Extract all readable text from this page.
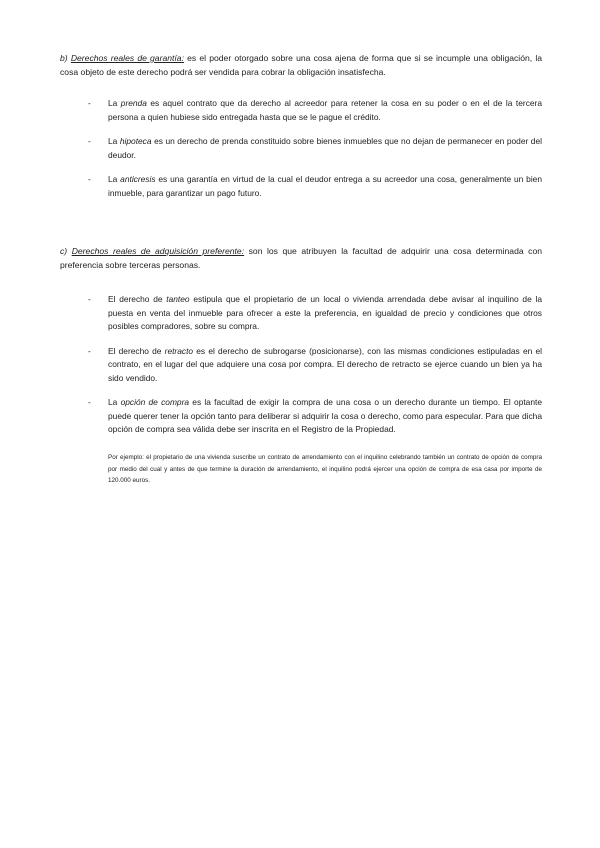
b) Derechos reales de garantía: es el poder otorgado sobre una cosa ajena de forma que si se incumple una obligación, la cosa objeto de este derecho podrá ser vendida para cobrar la obligación insatisfecha.

- La prenda es aquel contrato que da derecho al acreedor para retener la cosa en su poder o en el de la tercera persona a quien hubiese sido entregada hasta que se le pague el crédito.
- La hipoteca es un derecho de prenda constituido sobre bienes inmuebles que no dejan de permanecer en poder del deudor.
- La anticresis es una garantía en virtud de la cual el deudor entrega a su acreedor una cosa, generalmente un bien inmueble, para garantizar un pago futuro.

c) Derechos reales de adquisición preferente: son los que atribuyen la facultad de adquirir una cosa determinada con preferencia sobre terceras personas.

- El derecho de tanteo estipula que el propietario de un local o vivienda arrendada debe avisar al inquilino de la puesta en venta del inmueble para ofrecer a este la preferencia, en igualdad de precio y condiciones que otros posibles compradores, sobre su compra.
- El derecho de retracto es el derecho de subrogarse (posicionarse), con las mismas condiciones estipuladas en el contrato, en el lugar del que adquiere una cosa por compra. El derecho de retracto se ejerce cuando un bien ya ha sido vendido.
- La opción de compra es la facultad de exigir la compra de una cosa o un derecho durante un tiempo. El optante puede querer tener la opción tanto para deliberar si adquirir la cosa o derecho, como para especular. Para que dicha opción de compra sea válida debe ser inscrita en el Registro de la Propiedad.

Por ejemplo: el propietario de una vivienda suscribe un contrato de arrendamiento con el inquilino celebrando también un contrato de opción de compra por medio del cual y antes de que termine la duración de arrendamiento, el inquilino podrá ejercer una opción de compra de esa casa por importe de 120.000 euros.
